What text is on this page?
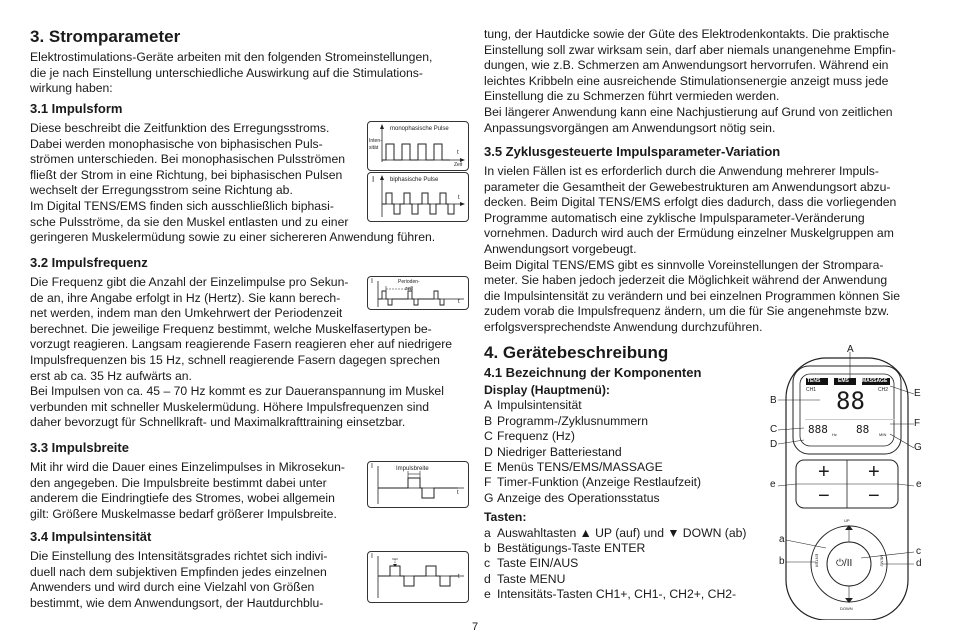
3. Stromparameter

Elektrostimulations-Geräte arbeiten mit den folgenden Stromeinstellungen,

die je nach Einstellung unterschiedliche Auswirkung auf die Stimulations-

wirkung haben:

3.1 Impulsform

Diese beschreibt die Zeitfunktion des Erregungsstroms.

Dabei werden monophasische von biphasischen Puls-

strömen unterschieden. Bei monophasischen Pulsströmen

fließt der Strom in eine Richtung, bei biphasischen Pulsen

wechselt der Erregungsstrom seine Richtung ab.

Im Digital TENS/EMS finden sich ausschließlich biphasi-

sche Pulsströme, da sie den Muskel entlasten und zu einer

geringeren Muskelermüdung sowie zu einer sichereren Anwendung führen.

3.2 Impulsfrequenz

Die Frequenz gibt die Anzahl der Einzelimpulse pro Sekun-

de an, ihre Angabe erfolgt in Hz (Hertz). Sie kann berech-

net werden, indem man den Umkehrwert der Periodenzeit

berechnet. Die jeweilige Frequenz bestimmt, welche Muskelfasertypen be-

vorzugt reagieren. Langsam reagierende Fasern reagieren eher auf niedrigere

Impulsfrequenzen bis 15 Hz, schnell reagierende Fasern dagegen sprechen

erst ab ca. 35 Hz aufwärts an.

Bei Impulsen von ca. 45 – 70 Hz kommt es zur Daueranspannung im Muskel

verbunden mit schneller Muskelermüdung. Höhere Impulsfrequenzen sind

daher bevorzugt für Schnellkraft- und Maximalkrafttraining einsetzbar.

3.3 Impulsbreite

Mit ihr wird die Dauer eines Einzelimpulses in Mikrosekun-

den angegeben. Die Impulsbreite bestimmt dabei unter

anderem die Eindringtiefe des Stromes, wobei allgemein

gilt: Größere Muskelmasse bedarf größerer Impulsbreite.

3.4 Impulsintensität

Die Einstellung des Intensitätsgrades richtet sich indivi-

duell nach dem subjektiven Empfinden jedes einzelnen

Anwenders und wird durch eine Vielzahl von Größen

bestimmt, wie dem Anwendungsort, der Hautdurchblu-

monophasische Pulse
Inten-
sität
Zeit
t
I	biphasische Pulse
t
I	Perioden-
zeit
t
I	Impulsbreite
t
I
t

tung, der Hautdicke sowie der Güte des Elektrodenkontakts. Die praktische

Einstellung soll zwar wirksam sein, darf aber niemals unangenehme Empfin-

dungen, wie z.B. Schmerzen am Anwendungsort hervorrufen. Während ein

leichtes Kribbeln eine ausreichende Stimulationsenergie anzeigt muss jede

Einstellung die zu Schmerzen führt vermieden werden.

Bei längerer Anwendung kann eine Nachjustierung auf Grund von zeitlichen

Anpassungsvorgängen am Anwendungsort nötig sein.

3.5 Zyklusgesteuerte Impulsparameter-Variation

In vielen Fällen ist es erforderlich durch die Anwendung mehrerer Impuls-

parameter die Gesamtheit der Gewebestrukturen am Anwendungsort abzu-

decken. Beim Digital TENS/EMS erfolgt dies dadurch, dass die vorliegenden

Programme automatisch eine zyklische Impulsparameter-Veränderung

vornehmen. Dadurch wird auch der Ermüdung einzelner Muskelgruppen am

Anwendungsort vorgebeugt.

Beim Digital TENS/EMS gibt es sinnvolle Voreinstellungen der Strompara-

meter. Sie haben jedoch jederzeit die Möglichkeit während der Anwendung

die Impulsintensität zu verändern und bei einzelnen Programmen können Sie

zudem vorab die Impulsfrequenz ändern, um die für Sie angenehmste bzw.

erfolgsversprechendste Anwendung durchzuführen.

4. Gerätebeschreibung
4.1 Bezeichnung der Komponenten
Display (Hauptmenü):
A Impulsintensität
B Programm-/Zyklusnummern
C Frequenz (Hz)
D Niedriger Batteriestand
E Menüs TENS/EMS/MASSAGE
F Timer-Funktion (Anzeige Restlaufzeit)
G Anzeige des Operationsstatus
Tasten:
a Auswahltasten ▲ UP (auf) und ▼ DOWN (ab)
b Bestätigungs-Taste ENTER
c Taste EIN/AUS
d Taste MENU
e Intensitäts-Tasten CH1+, CH1-, CH2+, CH2-
TENS	EMS	MASSAGE
CH1	CH2
88
888 Hz 88 MIN
+
−
+
−
UP
DOWN
ENTER	MENU
⏻/II
A
B
C
D
E
F
G
e	e
a
b
c
d
7
